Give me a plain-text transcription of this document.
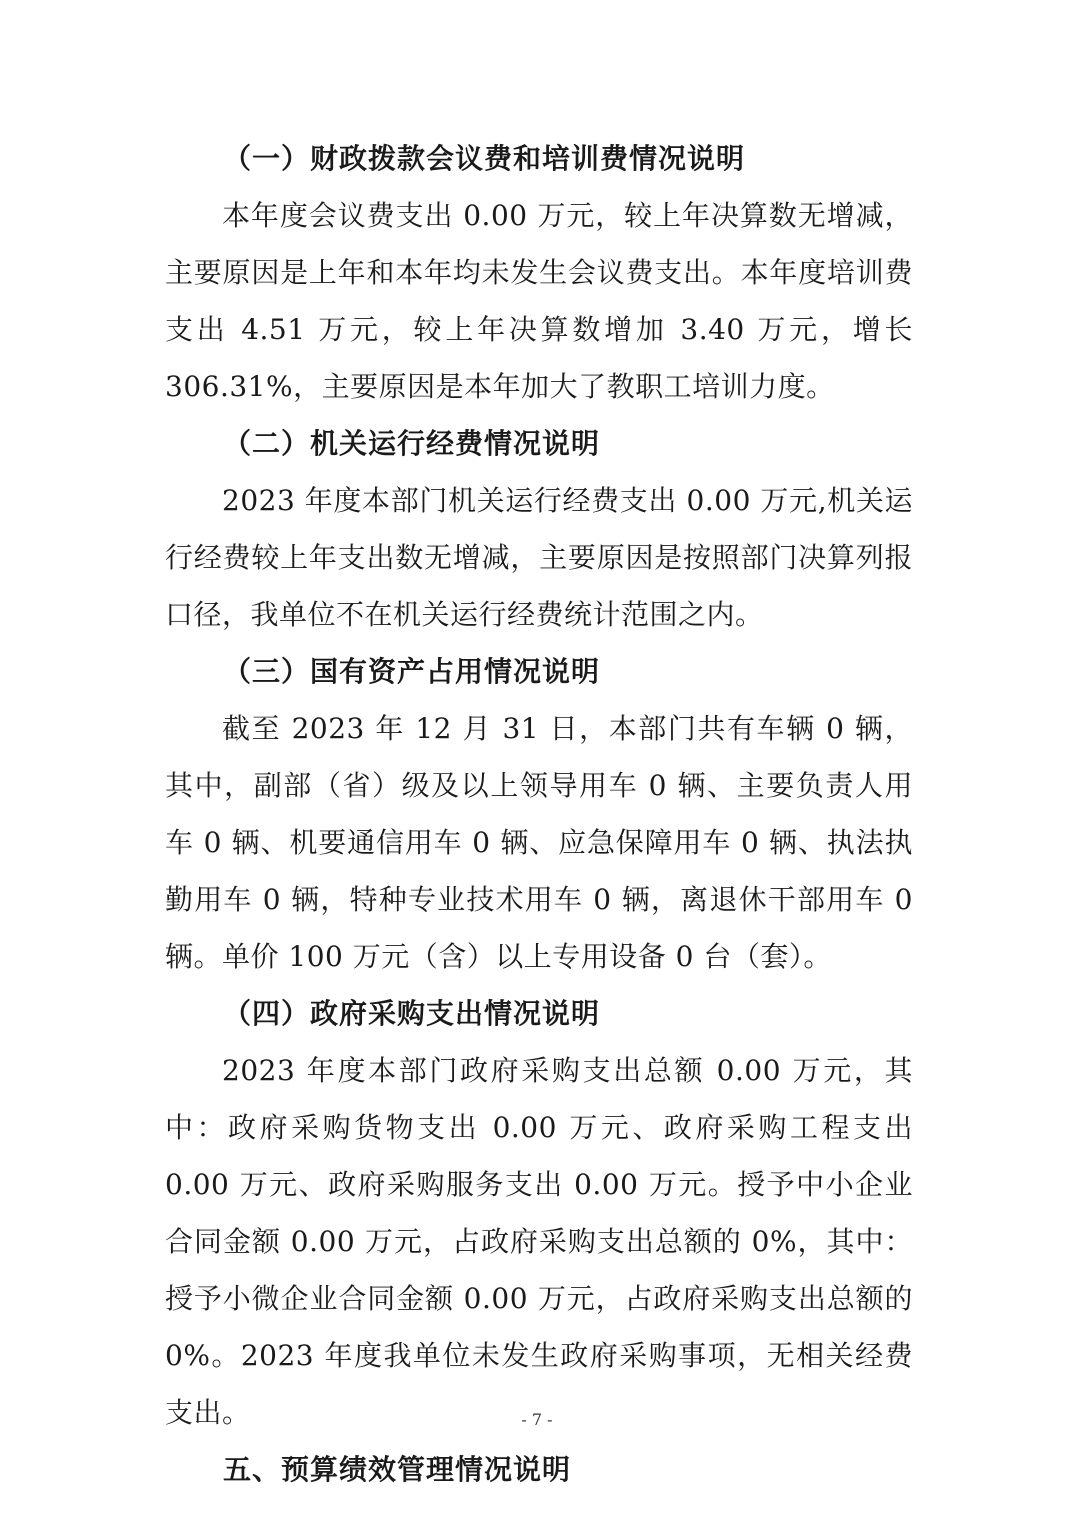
（一）财政拨款会议费和培训费情况说明

本年度会议费支出 0.00 万元，较上年决算数无增减，主要原因是上年和本年均未发生会议费支出。本年度培训费支出 4.51 万元，较上年决算数增加 3.40 万元，增长 306.31%，主要原因是本年加大了教职工培训力度。

（二）机关运行经费情况说明

2023 年度本部门机关运行经费支出 0.00 万元,机关运行经费较上年支出数无增减，主要原因是按照部门决算列报口径，我单位不在机关运行经费统计范围之内。

（三）国有资产占用情况说明

截至 2023 年 12 月 31 日，本部门共有车辆 0 辆，其中，副部（省）级及以上领导用车 0 辆、主要负责人用车 0 辆、机要通信用车 0 辆、应急保障用车 0 辆、执法执勤用车 0 辆，特种专业技术用车 0 辆，离退休干部用车 0 辆。单价 100 万元（含）以上专用设备 0 台（套）。

（四）政府采购支出情况说明

2023 年度本部门政府采购支出总额 0.00 万元，其中：政府采购货物支出 0.00 万元、政府采购工程支出 0.00 万元、政府采购服务支出 0.00 万元。授予中小企业合同金额 0.00 万元，占政府采购支出总额的 0%，其中：授予小微企业合同金额 0.00 万元，占政府采购支出总额的 0%。2023 年度我单位未发生政府采购事项，无相关经费支出。

五、预算绩效管理情况说明
- 7 -
